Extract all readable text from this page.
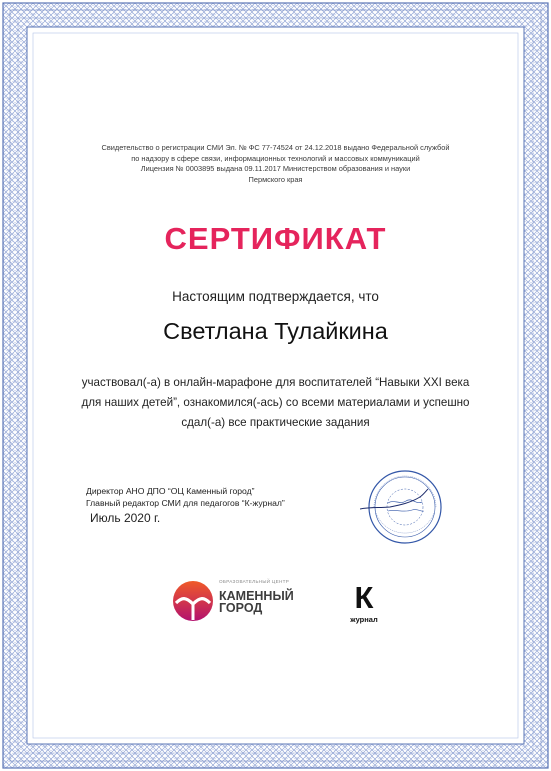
Свидетельство о регистрации СМИ Эл. № ФС 77-74524 от 24.12.2018 выдано Федеральной службой
по надзору в сфере связи, информационных технологий и массовых коммуникаций
Лицензия № 0003895 выдана 09.11.2017 Министерством образования и науки
Пермского края
СЕРТИФИКАТ
Настоящим подтверждается, что
Светлана Тулайкина
участвовал(-а) в онлайн-марафоне для воспитателей “Навыки XXI века
для наших детей”, ознакомился(-ась) со всеми материалами и успешно
сдал(-а) все практические задания
Директор АНО ДПО “ОЦ Каменный город”
Главный редактор СМИ для педагогов “К-журнал”
Июль 2020 г.
ОБРАЗОВАТЕЛЬНЫЙ ЦЕНТР
КАМЕННЫЙ
ГОРОД	К
журнал
